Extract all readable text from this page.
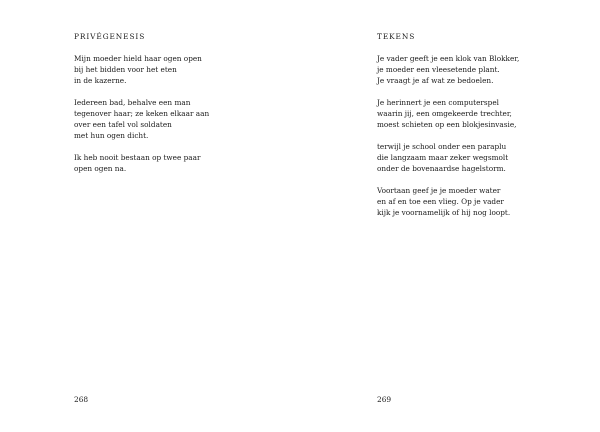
PRIVÉGENESIS
Mijn moeder hield haar ogen open
bij het bidden voor het eten
in de kazerne.
Iedereen bad, behalve een man
tegenover haar; ze keken elkaar aan
over een tafel vol soldaten
met hun ogen dicht.
Ik heb nooit bestaan op twee paar
open ogen na.

268

TEKENS
Je vader geeft je een klok van Blokker,
je moeder een vleesetende plant.
Je vraagt je af wat ze bedoelen.
Je herinnert je een computerspel
waarin jij, een omgekeerde trechter,
moest schieten op een blokjesinvasie,
terwijl je school onder een paraplu
die langzaam maar zeker wegsmolt
onder de bovenaardse hagelstorm.
Voortaan geef je je moeder water
en af en toe een vlieg. Op je vader
kijk je voornamelijk of hij nog loopt.

269
